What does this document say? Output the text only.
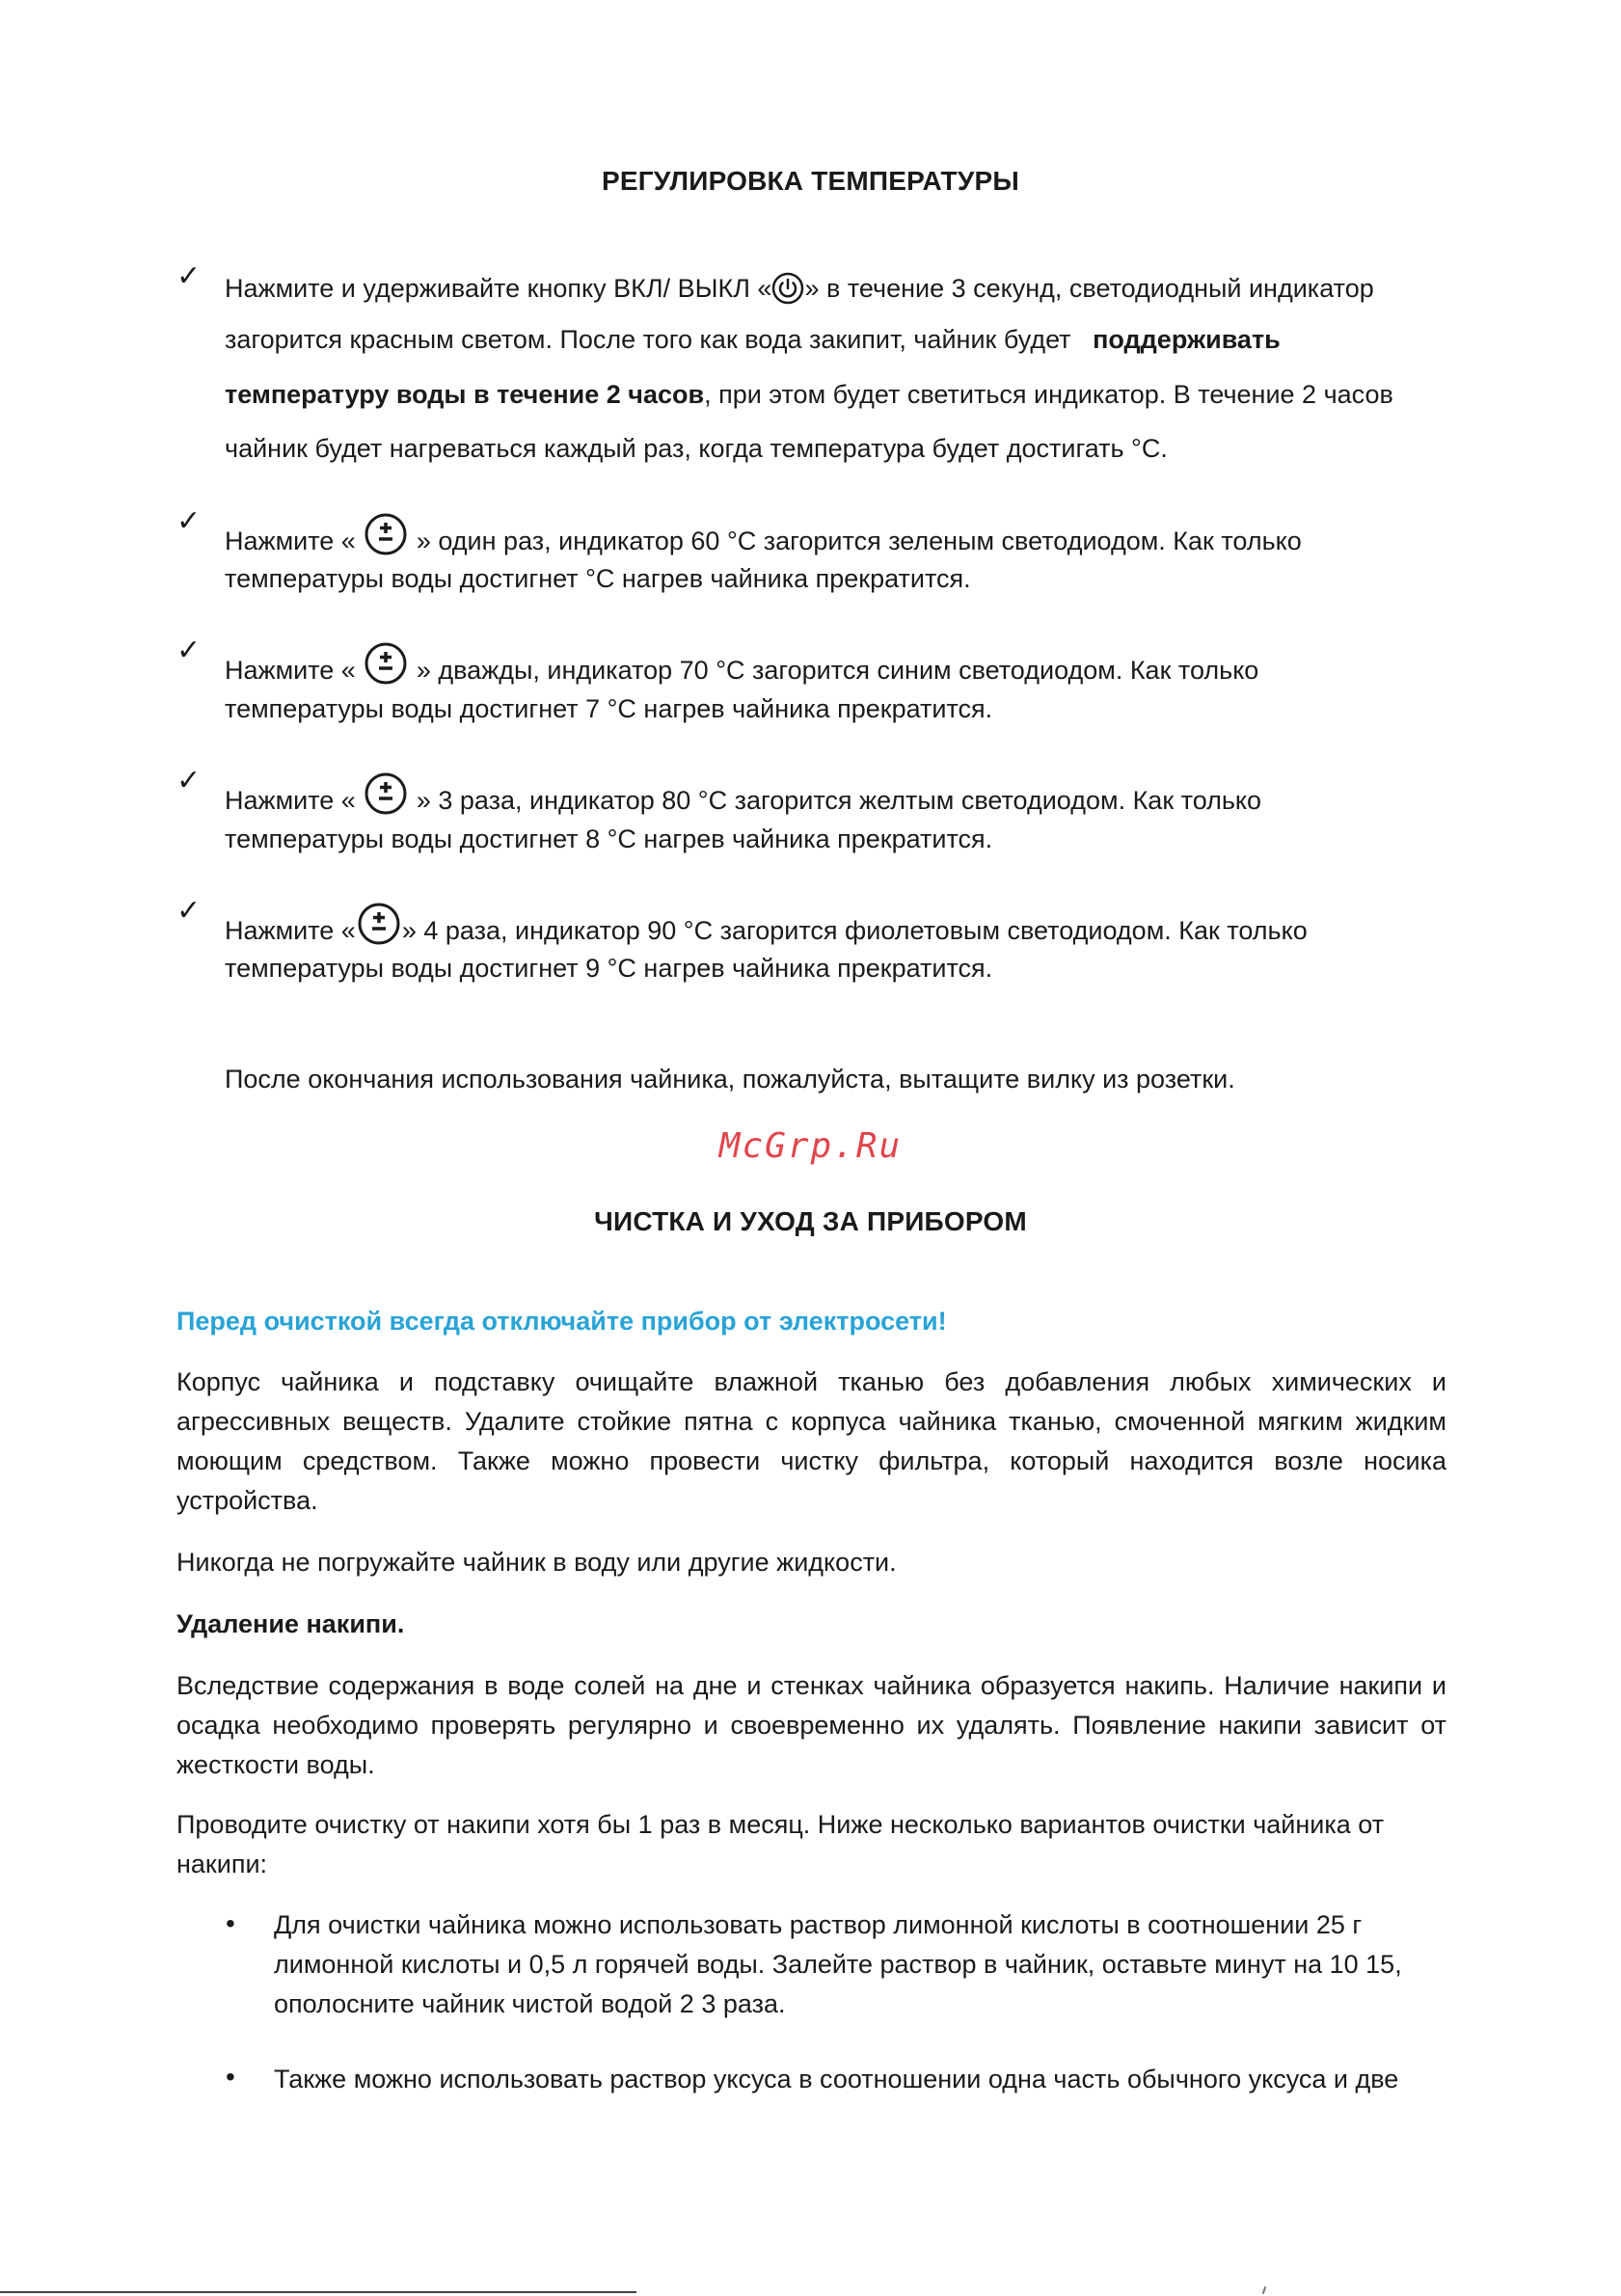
РЕГУЛИРОВКА ТЕМПЕРАТУРЫ
✓ Нажмите и удерживайте кнопку ВКЛ/ ВЫКЛ « » в течение 3 секунд, светодиодный индикатор
загорится красным светом. После того как вода закипит, чайник будет поддерживать
температуру воды в течение 2 часов, при этом будет светиться индикатор. В течение 2 часов
чайник будет нагреваться каждый раз, когда температура будет достигать °C.
✓
Нажмите « » один раз, индикатор 60 °C загорится зеленым светодиодом. Как только
температуры воды достигнет °C нагрев чайника прекратится.
✓
Нажмите « » дважды, индикатор 70 °C загорится синим светодиодом. Как только
температуры воды достигнет 7 °C нагрев чайника прекратится.
✓
Нажмите « » 3 раза, индикатор 80 °C загорится желтым светодиодом. Как только
температуры воды достигнет 8 °C нагрев чайника прекратится.
✓
Нажмите « » 4 раза, индикатор 90 °C загорится фиолетовым светодиодом. Как только
температуры воды достигнет 9 °C нагрев чайника прекратится.
После окончания использования чайника, пожалуйста, вытащите вилку из розетки.
McGrp.Ru
ЧИСТКА И УХОД ЗА ПРИБОРОМ
Перед очисткой всегда отключайте прибор от электросети!
Корпус чайника и подставку очищайте влажной тканью без добавления любых химических и агрессивных веществ. Удалите стойкие пятна с корпуса чайника тканью, смоченной мягким жидким моющим средством. Также можно провести чистку фильтра, который находится возле носика устройства.
Никогда не погружайте чайник в воду или другие жидкости.
Удаление накипи.
Вследствие содержания в воде солей на дне и стенках чайника образуется накипь. Наличие накипи и осадка необходимо проверять регулярно и своевременно их удалять. Появление накипи зависит от жесткости воды.
Проводите очистку от накипи хотя бы 1 раз в месяц. Ниже несколько вариантов очистки чайника от накипи:
• Для очистки чайника можно использовать раствор лимонной кислоты в соотношении 25 г
лимонной кислоты и 0,5 л горячей воды. Залейте раствор в чайник, оставьте минут на 10 15,
ополосните чайник чистой водой 2 3 раза.
• Также можно использовать раствор уксуса в соотношении одна часть обычного уксуса и две
